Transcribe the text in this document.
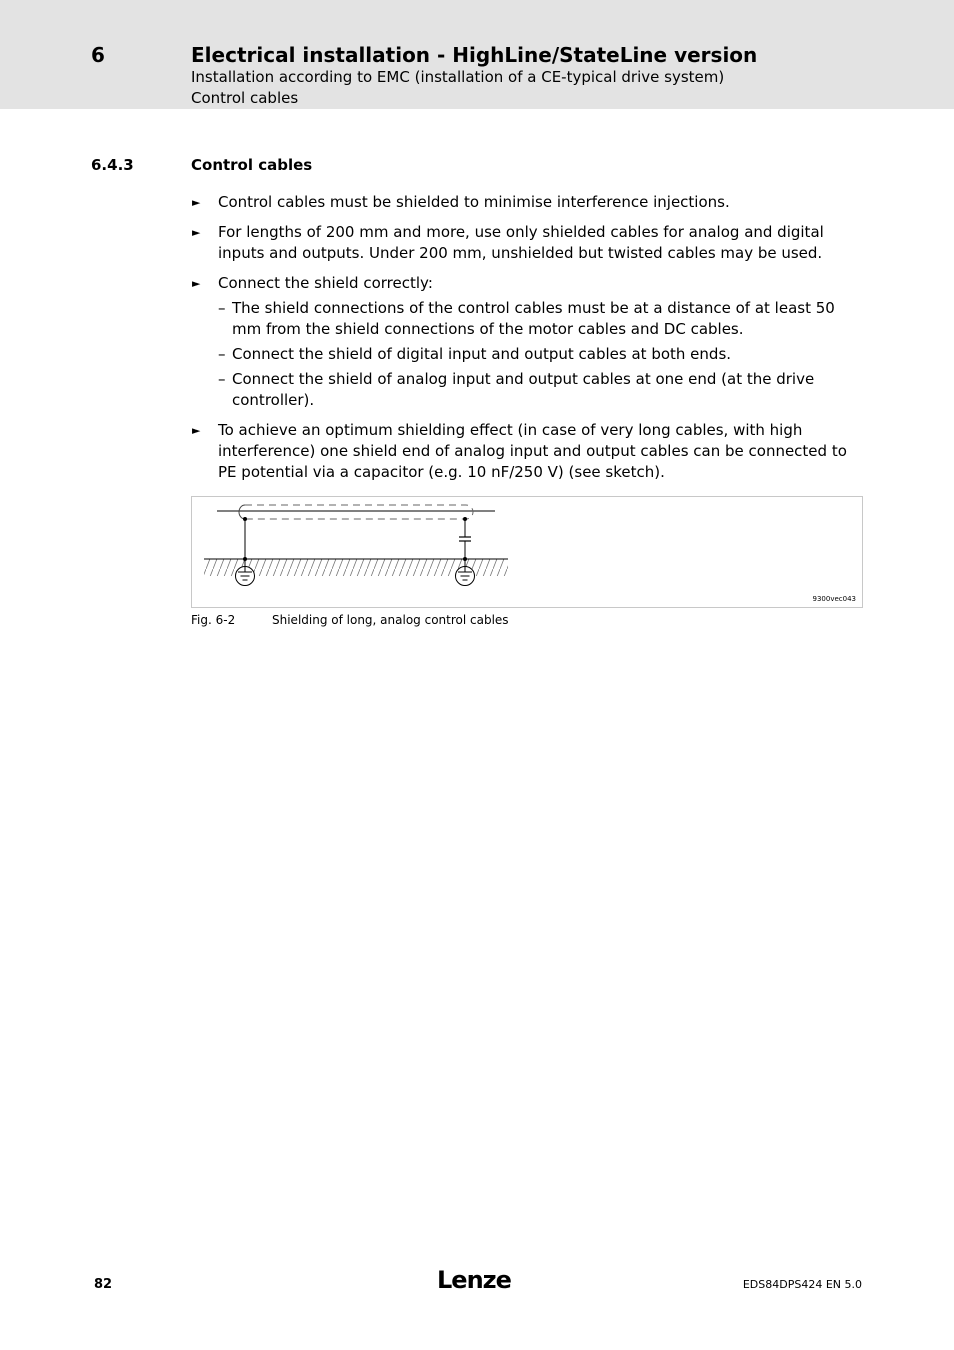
6	Electrical installation - HighLine/StateLine version
Installation according to EMC (installation of a CE-typical drive system)
Control cables
6.4.3	Control cables
► Control cables must be shielded to minimise interference injections.
► For lengths of 200 mm and more, use only shielded cables for analog and digital inputs and outputs. Under 200 mm, unshielded but twisted cables may be used.
► Connect the shield correctly:
– The shield connections of the control cables must be at a distance of at least 50 mm from the shield connections of the motor cables and DC cables.
– Connect the shield of digital input and output cables at both ends.
– Connect the shield of analog input and output cables at one end (at the drive controller).
► To achieve an optimum shielding effect (in case of very long cables, with high interference) one shield end of analog input and output cables can be connected to PE potential via a capacitor (e.g. 10 nF/250 V) (see sketch).
9300vec043
Fig. 6-2	Shielding of long, analog control cables
82	Lenze	EDS84DPS424 EN 5.0
